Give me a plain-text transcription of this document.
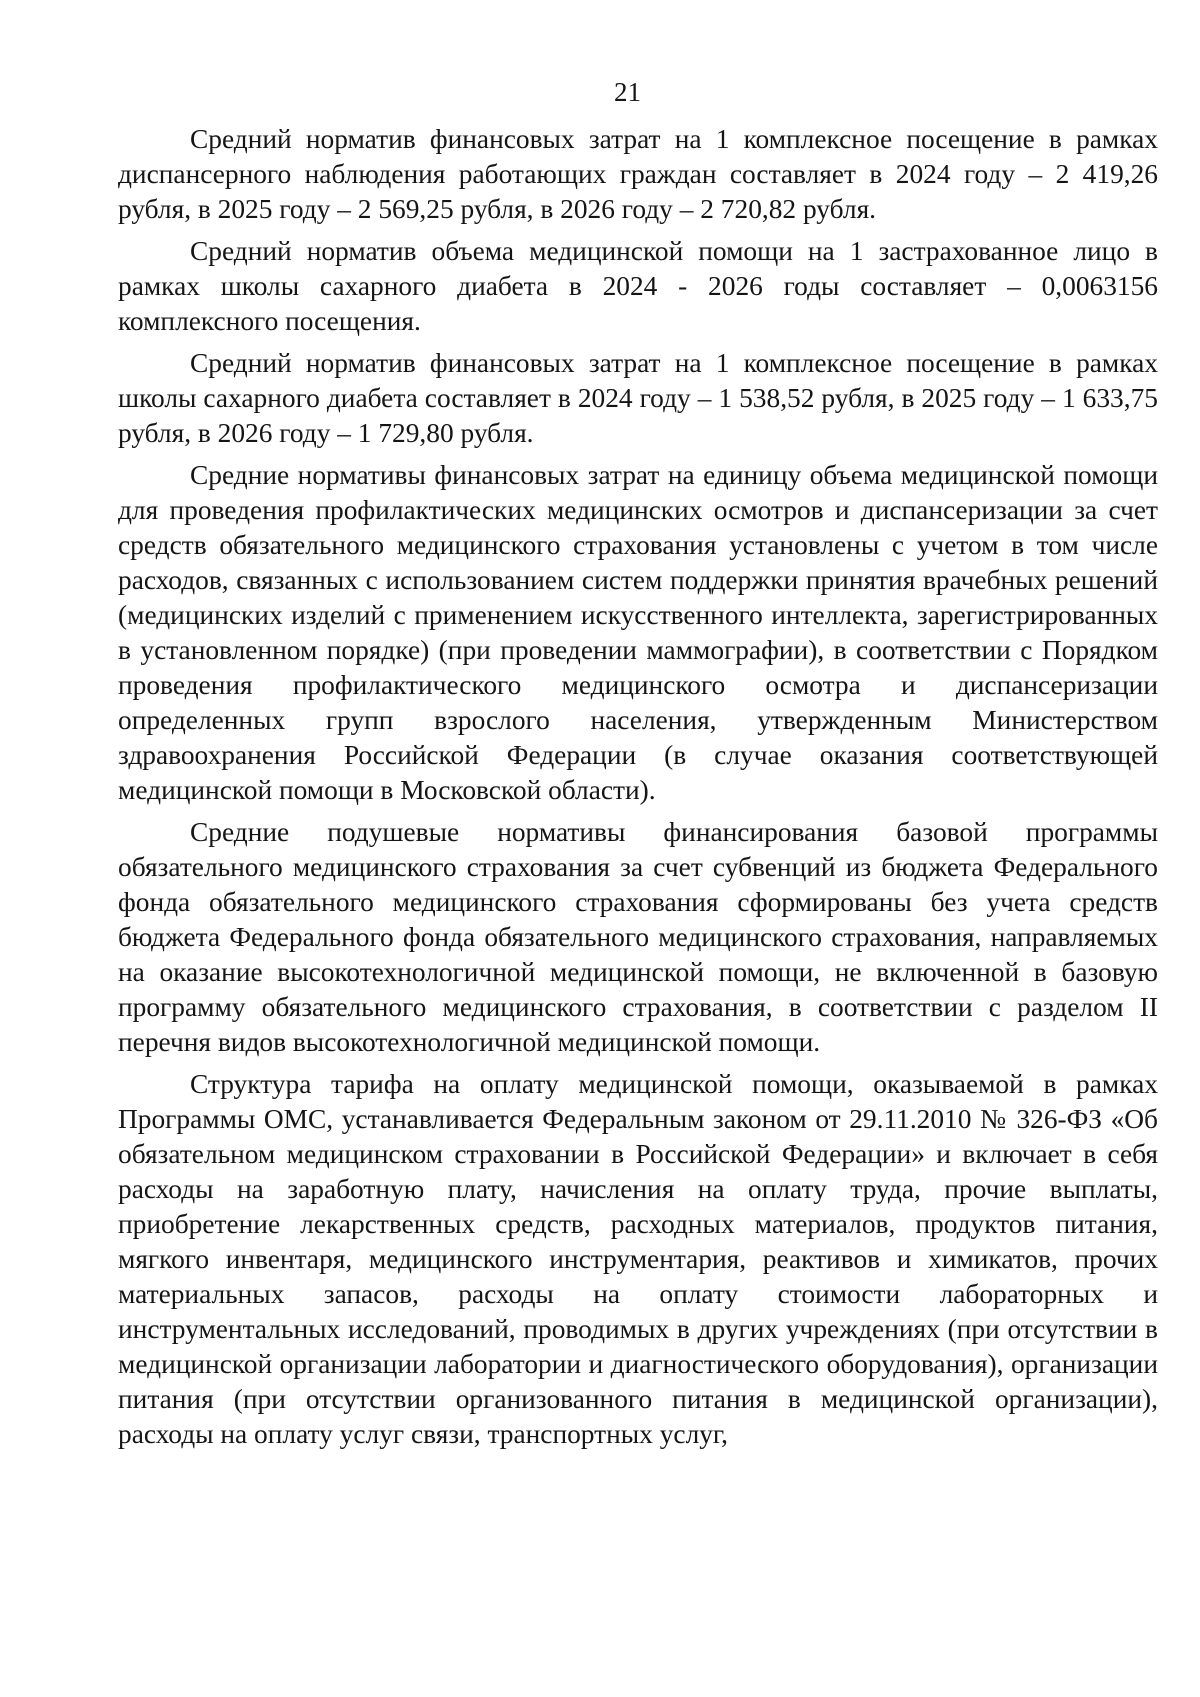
21

Средний норматив финансовых затрат на 1 комплексное посещение в рамках диспансерного наблюдения работающих граждан составляет в 2024 году – 2 419,26 рубля, в 2025 году – 2 569,25 рубля, в 2026 году – 2 720,82 рубля.

Средний норматив объема медицинской помощи на 1 застрахованное лицо в рамках школы сахарного диабета в 2024 - 2026 годы составляет – 0,0063156 комплексного посещения.

Средний норматив финансовых затрат на 1 комплексное посещение в рамках школы сахарного диабета составляет в 2024 году – 1 538,52 рубля, в 2025 году – 1 633,75 рубля, в 2026 году – 1 729,80 рубля.

Средние нормативы финансовых затрат на единицу объема медицинской помощи для проведения профилактических медицинских осмотров и диспансеризации за счет средств обязательного медицинского страхования установлены с учетом в том числе расходов, связанных с использованием систем поддержки принятия врачебных решений (медицинских изделий с применением искусственного интеллекта, зарегистрированных в установленном порядке) (при проведении маммографии), в соответствии с Порядком проведения профилактического медицинского осмотра и диспансеризации определенных групп взрослого населения, утвержденным Министерством здравоохранения Российской Федерации (в случае оказания соответствующей медицинской помощи в Московской области).

Средние подушевые нормативы финансирования базовой программы обязательного медицинского страхования за счет субвенций из бюджета Федерального фонда обязательного медицинского страхования сформированы без учета средств бюджета Федерального фонда обязательного медицинского страхования, направляемых на оказание высокотехнологичной медицинской помощи, не включенной в базовую программу обязательного медицинского страхования, в соответствии с разделом II перечня видов высокотехнологичной медицинской помощи.

Структура тарифа на оплату медицинской помощи, оказываемой в рамках Программы ОМС, устанавливается Федеральным законом от 29.11.2010 № 326-ФЗ «Об обязательном медицинском страховании в Российской Федерации» и включает в себя расходы на заработную плату, начисления на оплату труда, прочие выплаты, приобретение лекарственных средств, расходных материалов, продуктов питания, мягкого инвентаря, медицинского инструментария, реактивов и химикатов, прочих материальных запасов, расходы на оплату стоимости лабораторных и инструментальных исследований, проводимых в других учреждениях (при отсутствии в медицинской организации лаборатории и диагностического оборудования), организации питания (при отсутствии организованного питания в медицинской организации), расходы на оплату услуг связи, транспортных услуг,
